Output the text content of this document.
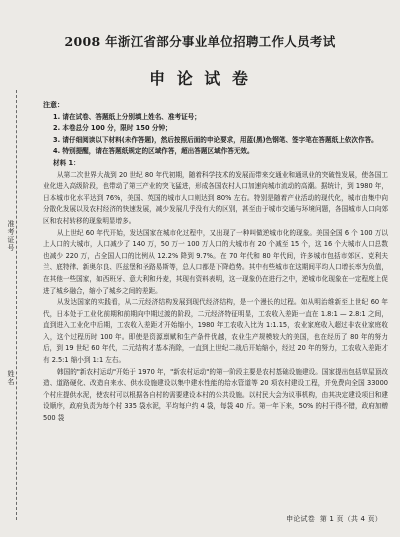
2008 年浙江省部分事业单位招聘工作人员考试
申 论 试 卷
准考证号
姓名

注意：

1. 请在试卷、答题纸上分别填上姓名、准考证号；

2. 本卷总分 100 分，限时 150 分钟；

3. 请仔细阅读以下材料(未作答题)，然后按照后面的申论要求，用蓝(黑)色钢笔、签字笔在答题纸上依次作答。

4. 特别提醒，请在答题纸规定的区域作答，超出答题区域作答无效。

材料 1：

从第二次世界大战到 20 世纪 80 年代初期，随着科学技术的发展而带来交通业和通讯业的突破性发展，使各国工业化进入高级阶段，也带动了第三产业的突飞猛进，形成各国农村人口加速向城市流动的高潮。据统计，到 1980 年，日本城市化水平达到 76%，美国、英国的城市人口则达到 80% 左右。特别是随着产业活动的现代化，城市由集中向分散化发展以及农村经济的快速发展，减少发展几乎没有大的区别，甚至由于城市交通与环境问题，各国城市人口向郊区和农村转移的现象明显增多。

从上世纪 60 年代开始，发达国家在城市化过程中，又出现了一种叫做逆城市化的现象。美国全国 6 个 100 万以上人口的大城市，人口减少了 140 万，50 万一 100 万人口的大城市有 20 个减至 15 个，这 16 个大城市人口总数也减少 220 万，占全国人口的比例从 12.2% 降到 9.7%。在 70 年代和 80 年代间，许多城市包括市郊区、克利夫兰、底特律、新奥尔良、匹兹堡和圣路易斯等，总人口都是下降趋势。其中有些城市在这期间平均人口增长率为负值，在其他一些国家，如西班牙、意大利和丹麦，其现有资料表明，这一现象仍在进行之中，逆城市化现象在一定程度上促进了城乡融合，缩小了城乡之间的差距。

从发达国家的实践看，从二元经济结构发展到现代经济结构，是一个漫长的过程。如从明治维新至上世纪 60 年代，日本处于工业化前期和前期向中期过渡的阶段，二元经济特征明显，工农收入差距一直在 1.8:1 — 2.8:1 之间，直到进入工业化中后期，工农收入差距才开始缩小，1980 年工农收入比为 1:1.15，农业家庭收入超过非农业家庭收入，这个过程历时 100 年。即使是资源禀赋和生产条件优越，农业生产规模较大的美国，也在经历了 80 年的努力后，到 19 世纪 60 年代，二元结构才基本消除，一直到上世纪二战后开始缩小，经过 20 年的努力，工农收入差距才有 2.5:1 缩小到 1:1 左右。

韩国的"新农村运动"开始于 1970 年，"新农村运动"的第一阶段主要是农村基础设施建设。国家提出包括草屋顶改造、道路硬化、改造自来水、供水设施建设以集中建水性能的给水管道等 20 项农村建设工程，并免费向全国 33000 个村庄提供水泥，使农村可以根据各自村的需要建设本村的公共设施。以村民大会为议事机构，由其决定建设项目和建设顺序，政府负责为每个村 335 袋水泥，平均每户约 4 袋，每袋 40 斤。第一年下来，50% 的村干得不错，政府加赠 500 袋

申论试卷  第 1 页（共 4 页）
